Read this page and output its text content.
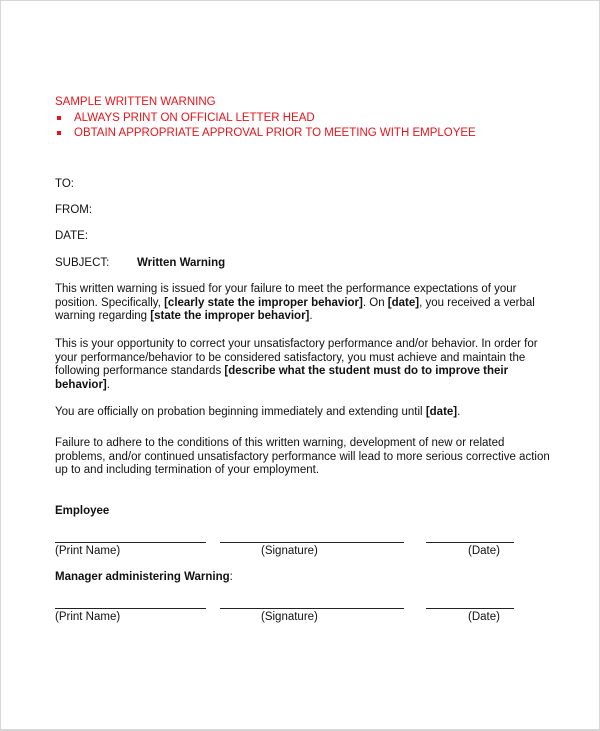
SAMPLE WRITTEN WARNING

ALWAYS PRINT ON OFFICIAL LETTER HEAD
OBTAIN APPROPRIATE APPROVAL PRIOR TO MEETING WITH EMPLOYEE
TO:
FROM:
DATE:
SUBJECT: Written Warning

This written warning is issued for your failure to meet the performance expectations of your position. Specifically, [clearly state the improper behavior]. On [date], you received a verbal warning regarding [state the improper behavior].

This is your opportunity to correct your unsatisfactory performance and/or behavior. In order for your performance/behavior to be considered satisfactory, you must achieve and maintain the following performance standards [describe what the student must do to improve their behavior].

You are officially on probation beginning immediately and extending until [date].

Failure to adhere to the conditions of this written warning, development of new or related problems, and/or continued unsatisfactory performance will lead to more serious corrective action up to and including termination of your employment.

Employee
(Print Name)	(Signature)	(Date)
Manager administering Warning:
(Print Name)	(Signature)	(Date)
